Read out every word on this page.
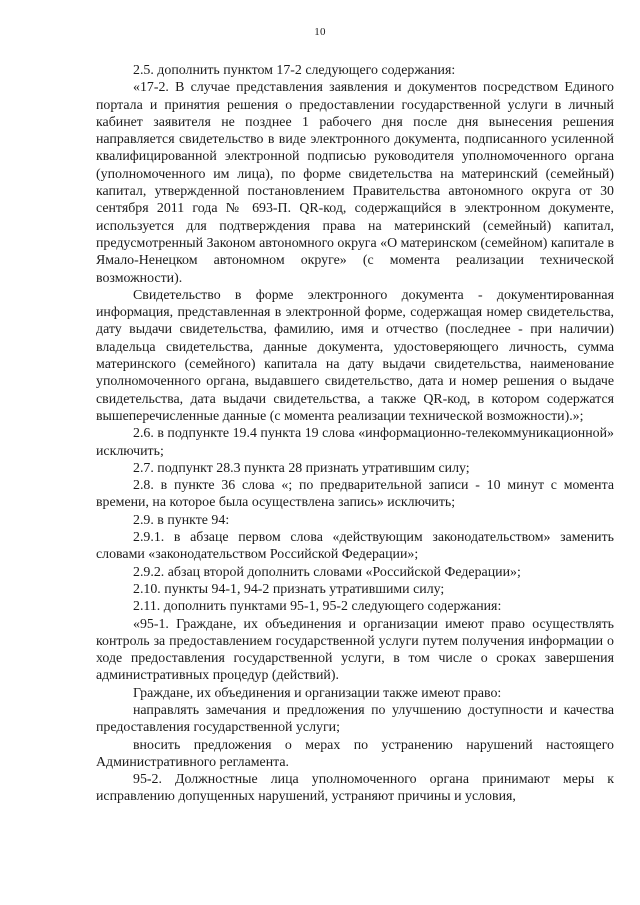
10

2.5. дополнить пунктом 17-2 следующего содержания:

«17-2. В случае представления заявления и документов посредством Единого портала и принятия решения о предоставлении государственной услуги в личный кабинет заявителя не позднее 1 рабочего дня после дня вынесения решения направляется свидетельство в виде электронного документа, подписанного усиленной квалифицированной электронной подписью руководителя уполномоченного органа (уполномоченного им лица), по форме свидетельства на материнский (семейный) капитал, утвержденной постановлением Правительства автономного округа от 30 сентября 2011 года № 693-П. QR-код, содержащийся в электронном документе, используется для подтверждения права на материнский (семейный) капитал, предусмотренный Законом автономного округа «О материнском (семейном) капитале в Ямало-Ненецком автономном округе» (с момента реализации технической возможности).

Свидетельство в форме электронного документа - документированная информация, представленная в электронной форме, содержащая номер свидетельства, дату выдачи свидетельства, фамилию, имя и отчество (последнее - при наличии) владельца свидетельства, данные документа, удостоверяющего личность, сумма материнского (семейного) капитала на дату выдачи свидетельства, наименование уполномоченного органа, выдавшего свидетельство, дата и номер решения о выдаче свидетельства, дата выдачи свидетельства, а также QR-код, в котором содержатся вышеперечисленные данные (с момента реализации технической возможности).»;

2.6. в подпункте 19.4 пункта 19 слова «информационно-телекоммуникационной» исключить;

2.7. подпункт 28.3 пункта 28 признать утратившим силу;

2.8. в пункте 36 слова «; по предварительной записи - 10 минут с момента времени, на которое была осуществлена запись» исключить;

2.9. в пункте 94:

2.9.1. в абзаце первом слова «действующим законодательством» заменить словами «законодательством Российской Федерации»;

2.9.2. абзац второй дополнить словами «Российской Федерации»;

2.10. пункты 94-1, 94-2 признать утратившими силу;

2.11. дополнить пунктами 95-1, 95-2 следующего содержания:

«95-1. Граждане, их объединения и организации имеют право осуществлять контроль за предоставлением государственной услуги путем получения информации о ходе предоставления государственной услуги, в том числе о сроках завершения административных процедур (действий).

Граждане, их объединения и организации также имеют право:

направлять замечания и предложения по улучшению доступности и качества предоставления государственной услуги;

вносить предложения о мерах по устранению нарушений настоящего Административного регламента.

95-2. Должностные лица уполномоченного органа принимают меры к исправлению допущенных нарушений, устраняют причины и условия,
